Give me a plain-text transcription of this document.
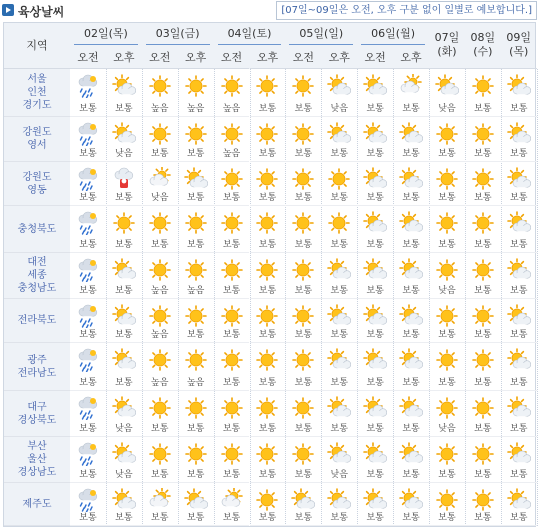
육상날씨	[07일~09일은 오전, 오후 구분 없이 일별로 예보합니다.]
지역
02일(목)
오전	오후
03일(금)
오전	오후
04일(토)
오전	오후
05일(일)
오전	오후
06일(월)
오전	오후
07일
(화)
08일
(수)
09일
(목)
서울
인천
경기도	보통	보통	높음	높음	높음	보통	보통	낮음	보통	보통	낮음	보통	보통
강원도
영서
보통	낮음	보통	보통	높음	보통	보통	보통	보통	보통	보통	보통	보통
강원도
영동
보통	보통	낮음	보통	보통	보통	보통	보통	보통	보통	보통	보통	보통
충청북도
보통	보통	보통	보통	보통	보통	보통	보통	보통	보통	보통	보통	보통
대전
세종
충청남도	보통	보통	높음	높음	보통	보통	보통	보통	보통	보통	낮음	보통	보통
전라북도
보통	보통	높음	보통	보통	보통	보통	보통	보통	보통	보통	보통	보통
광주
전라남도
보통	보통	높음	높음	보통	보통	보통	보통	보통	보통	보통	보통	보통
대구
경상북도
보통	낮음	보통	보통	보통	보통	보통	보통	보통	보통	낮음	보통	보통
부산
울산
경상남도	보통	낮음	보통	보통	보통	보통	보통	낮음	보통	보통	보통	보통	보통
제주도
보통	보통	보통	보통	보통	보통	보통	보통	보통	보통	보통	보통	보통
